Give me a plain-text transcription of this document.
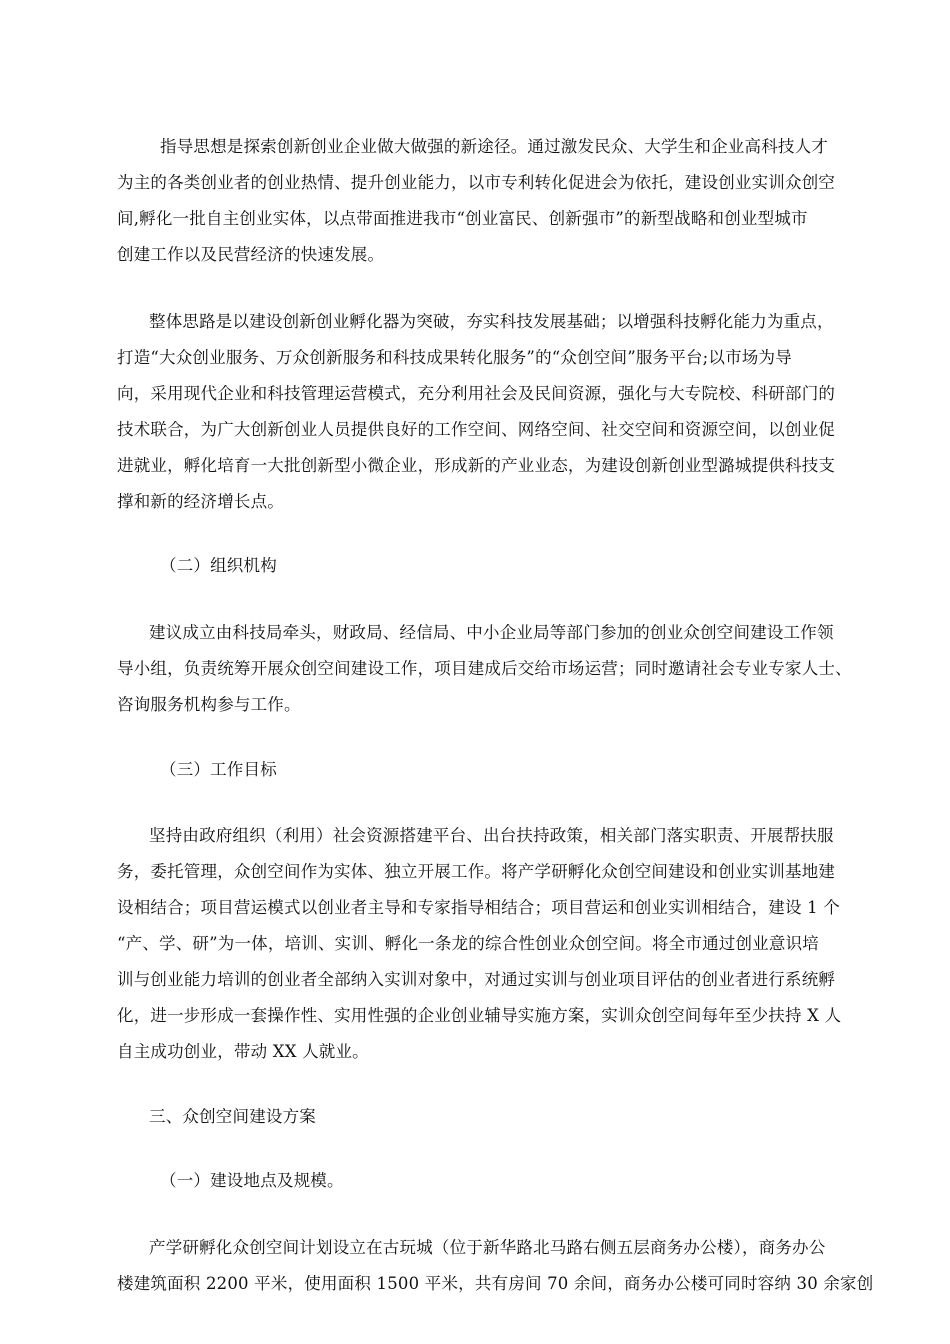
指导思想是探索创新创业企业做大做强的新途径。通过激发民众、大学生和企业高科技人才
为主的各类创业者的创业热情、提升创业能力，以市专利转化促进会为依托，建设创业实训众创空
间,孵化一批自主创业实体，以点带面推进我市“创业富民、创新强市”的新型战略和创业型城市
创建工作以及民营经济的快速发展。
整体思路是以建设创新创业孵化器为突破，夯实科技发展基础；以增强科技孵化能力为重点，
打造“大众创业服务、万众创新服务和科技成果转化服务”的“众创空间”服务平台;以市场为导
向，采用现代企业和科技管理运营模式，充分利用社会及民间资源，强化与大专院校、科研部门的
技术联合，为广大创新创业人员提供良好的工作空间、网络空间、社交空间和资源空间，以创业促
进就业，孵化培育一大批创新型小微企业，形成新的产业业态，为建设创新创业型潞城提供科技支
撑和新的经济增长点。
（二）组织机构
建议成立由科技局牵头，财政局、经信局、中小企业局等部门参加的创业众创空间建设工作领
导小组，负责统筹开展众创空间建设工作，项目建成后交给市场运营；同时邀请社会专业专家人士、
咨询服务机构参与工作。
（三）工作目标
坚持由政府组织（利用）社会资源搭建平台、出台扶持政策，相关部门落实职责、开展帮扶服
务，委托管理，众创空间作为实体、独立开展工作。将产学研孵化众创空间建设和创业实训基地建
设相结合；项目营运模式以创业者主导和专家指导相结合；项目营运和创业实训相结合，建设 1 个
“产、学、研”为一体，培训、实训、孵化一条龙的综合性创业众创空间。将全市通过创业意识培
训与创业能力培训的创业者全部纳入实训对象中，对通过实训与创业项目评估的创业者进行系统孵
化，进一步形成一套操作性、实用性强的企业创业辅导实施方案，实训众创空间每年至少扶持 X 人
自主成功创业，带动 XX 人就业。
三、众创空间建设方案
（一）建设地点及规模。
产学研孵化众创空间计划设立在古玩城（位于新华路北马路右侧五层商务办公楼），商务办公
楼建筑面积 2200 平米，使用面积 1500 平米，共有房间 70 余间，商务办公楼可同时容纳 30 余家创
